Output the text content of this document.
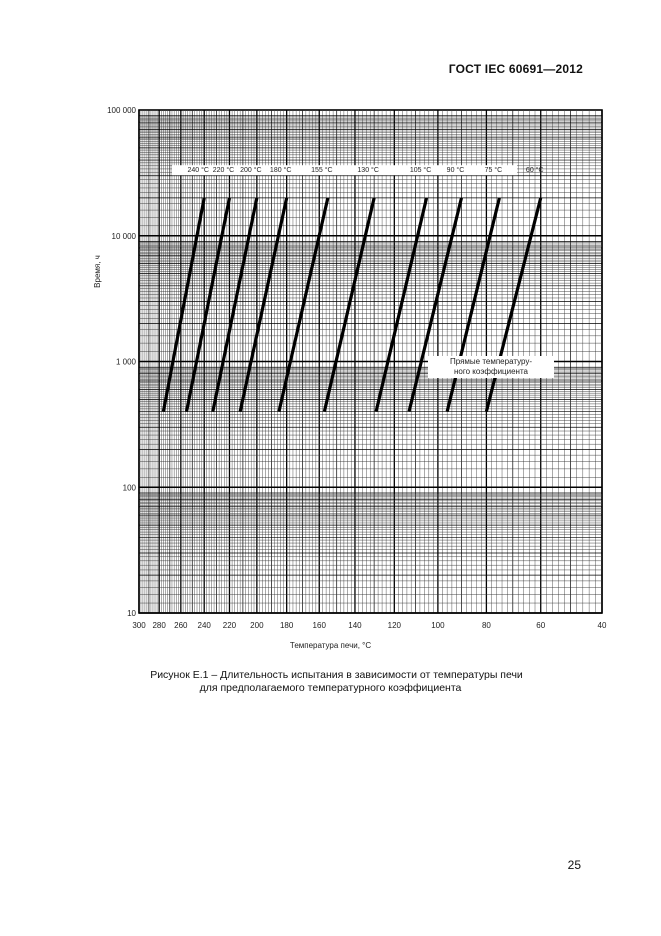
ГОСТ IEC 60691—2012
240 °С 220 °С 200 °С 180 °С	155 °С	130 °С	105 °С 90 °С	75 °С	60 °С
300 280 260 240 220 200 180 160	140	120	100	80	60	40
100 000
10 000
1 000
100
10
Температура печи, °С
Время, ч
Прямые температуру-
ного коэффициента
Рисунок Е.1 – Длительность испытания в зависимости от температуры печи
для предполагаемого температурного коэффициента
25
